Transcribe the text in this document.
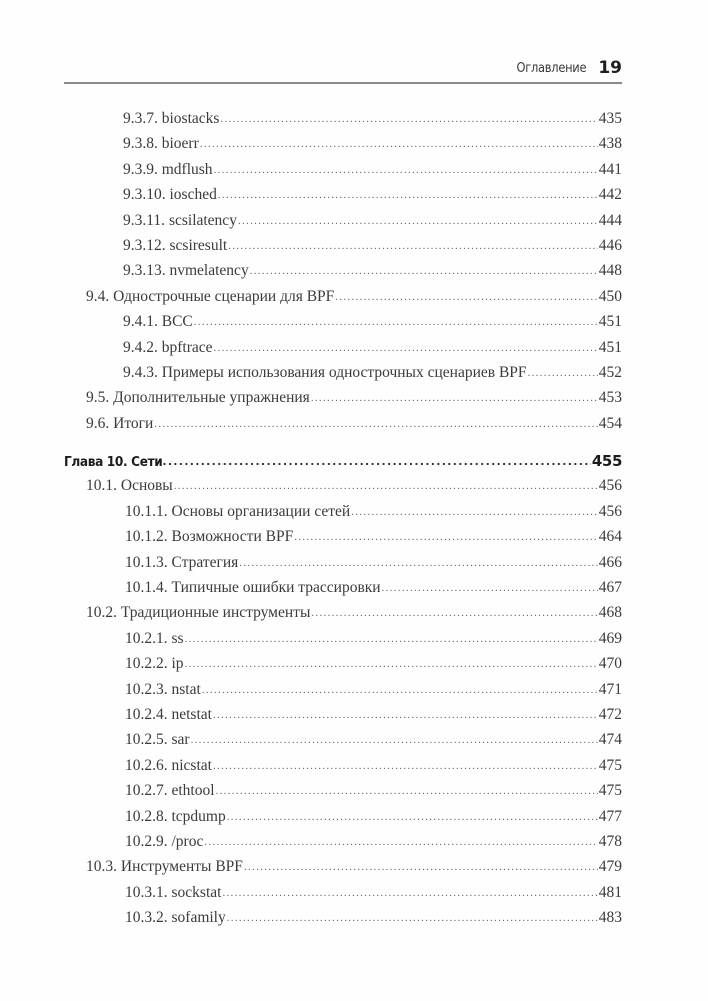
Оглавление 19
9.3.7. biostacks .....	435
9.3.8. bioerr .....	438
9.3.9. mdflush .....	441
9.3.10. iosched .....	442
9.3.11. scsilatency .....	444
9.3.12. scsiresult .....	446
9.3.13. nvmelatency .....	448
9.4. Однострочные сценарии для BPF .....	450
9.4.1. BCC .....	451
9.4.2. bpftrace .....	451
9.4.3. Примеры использования однострочных сценариев BPF .....	452
9.5. Дополнительные упражнения .....	453
9.6. Итоги .....	454
Глава 10. Сети .....	455
10.1. Основы .....	456
10.1.1. Основы организации сетей .....	456
10.1.2. Возможности BPF .....	464
10.1.3. Стратегия .....	466
10.1.4. Типичные ошибки трассировки .....	467
10.2. Традиционные инструменты .....	468
10.2.1. ss .....	469
10.2.2. ip .....	470
10.2.3. nstat .....	471
10.2.4. netstat .....	472
10.2.5. sar .....	474
10.2.6. nicstat .....	475
10.2.7. ethtool .....	475
10.2.8. tcpdump .....	477
10.2.9. /proc .....	478
10.3. Инструменты BPF .....	479
10.3.1. sockstat .....	481
10.3.2. sofamily .....	483
